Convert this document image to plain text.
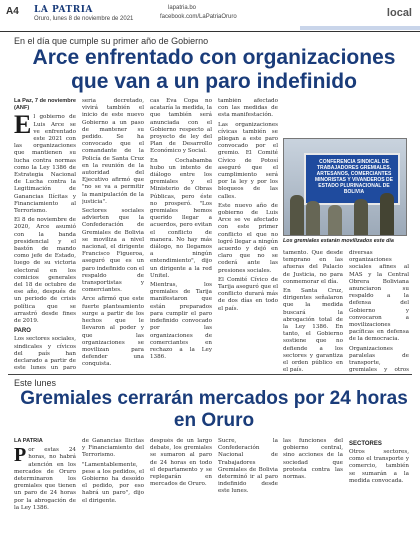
A4 LA PATRIA
Oruro, lunes 8 de noviembre de 2021
lapatria.bo
facebook.com/LaPatriaOruro	local
En el día que cumple su primer año de Gobierno
Arce enfrentado con organizaciones que van a un paro indefinido

La Paz, 7 de noviembre (ANF)

El gobierno de Luis Arce se ve enfrentado este 2021 con las organizaciones que mantienen su lucha contra normas como la Ley 1386 de Estrategia Nacional de Lucha contra la Legitimación de Ganancias Ilícitas y Financiamiento al Terrorismo.

El 8 de noviembre de 2020, Arce asumió con la banda presidencial y el bastón de mando como jefe de Estado, luego de su victoria electoral en los comicios generales del 18 de octubre de ese año, después de un periodo de crisis política que se arrastró desde fines de 2019.

PARO

Los sectores sociales, sindicales y cívicos del país han declarado a partir de este lunes un paro

sería decretado, vivirá también el inicio de este nuevo Gobierno a un paso de mantener su pedido. Se ha convocado que el comandante de la Policía de Santa Cruz en la reunión de la autoridad del Ejecutivo afirmó que "no se va a permitir la manipulación de la justicia".

Sectores sociales advierten que la Confederación de Gremiales de Bolivia se moviliza a nivel nacional, el dirigente Francisco Figueroa, aseguró que es un paro indefinido con el respaldo de transportistas y comerciantes.

Arce afirmó que este fuerte planteamiento surge a partir de los hechos que le llevaron al poder y que las organizaciones se movilizan para defender una conquista.

cas Eva Copa no acataría la medida, la que también será anunciada con el Gobierno respecto al proyecto de ley del Plan de Desarrollo Económico y Social.

En Cochabamba hubo un intento de diálogo entre los gremiales y el Ministerio de Obras Públicas, pero éste no prosperó. "Los gremiales hemos querido llegar a acuerdos, pero evitan el conflicto de manera. No hay más diálogo, no llegamos a ningún entendimiento", dijo un dirigente a la red Unitel.

Mientras, los gremiales de Tarija manifestaron que están preparados para cumplir el paro indefinido convocado por las organizaciones de comerciantes en rechazo a la Ley 1386.

también afectado con las medidas de esta manifestación.

Las organizaciones cívicas también se pliegan a este paro convocado por el gremio. El Comité Cívico de Potosí aseguró que el cumplimiento será por la ley y por los bloqueos de las calles.

Este nuevo año de gobierno de Luis Arce se ve afectado con este primer conflicto el que no logró llegar a ningún acuerdo y dejó en claro que no se cederá ante las presiones sociales.

El Comité Cívico de Tarija aseguró que el conflicto durará más de dos días en todo el país.

CONFERENCIA SINDICAL DE TRABAJADORES GREMIALES, ARTESANOS, COMERCIANTES MINORISTAS Y VIVANDEROS DE ESTADO PLURINACIONAL DE BOLIVIA
Los gremiales estarán movilizados este día

tamento. Que desde temprano en las afueras del Palacio de Justicia, no para conmemorar el día.

En Santa Cruz, dirigentes señalaron que la medida buscará la abrogación total de la Ley 1386. En tanto, el Gobierno sostiene que no defiende a los sectores y garantiza el orden público en el país.

diversas organizaciones sociales afines al MAS y la Central Obrera Boliviana anunciaron su respaldo a la defensa del Gobierno y convocaron a movilizaciones pacíficas en defensa de la democracia.

Organizaciones paralelas de transporte, gremiales y otros

Este lunes
Gremiales cerrarán mercados por 24 horas en Oruro

LA PATRIA

Por estas 24 horas, no habrá atención en los mercados de Oruro determinaron los gremiales que tienen un paro de 24 horas por la abrogación de la Ley 1386.

de Ganancias Ilícitas y Financiamiento del Terrorismo.

"Lamentablemente, pese a los pedidos, el Gobierno ha desoído el pedido, por eso habrá un paro", dijo el dirigente.

después de un largo debate, los gremiales se sumaron al paro de 24 horas en todo el departamento y se replegarán en mercados de Oruro.

Sucre, la Confederación Nacional de Trabajadores Gremiales de Bolivia determinó ir al paro indefinido desde este lunes.

las funciones del gobierno central, sino acciones de la sociedad que protesta contra las normas.

SECTORES

Otros sectores, como el transporte y comercio, también se sumarán a la medida convocada.
